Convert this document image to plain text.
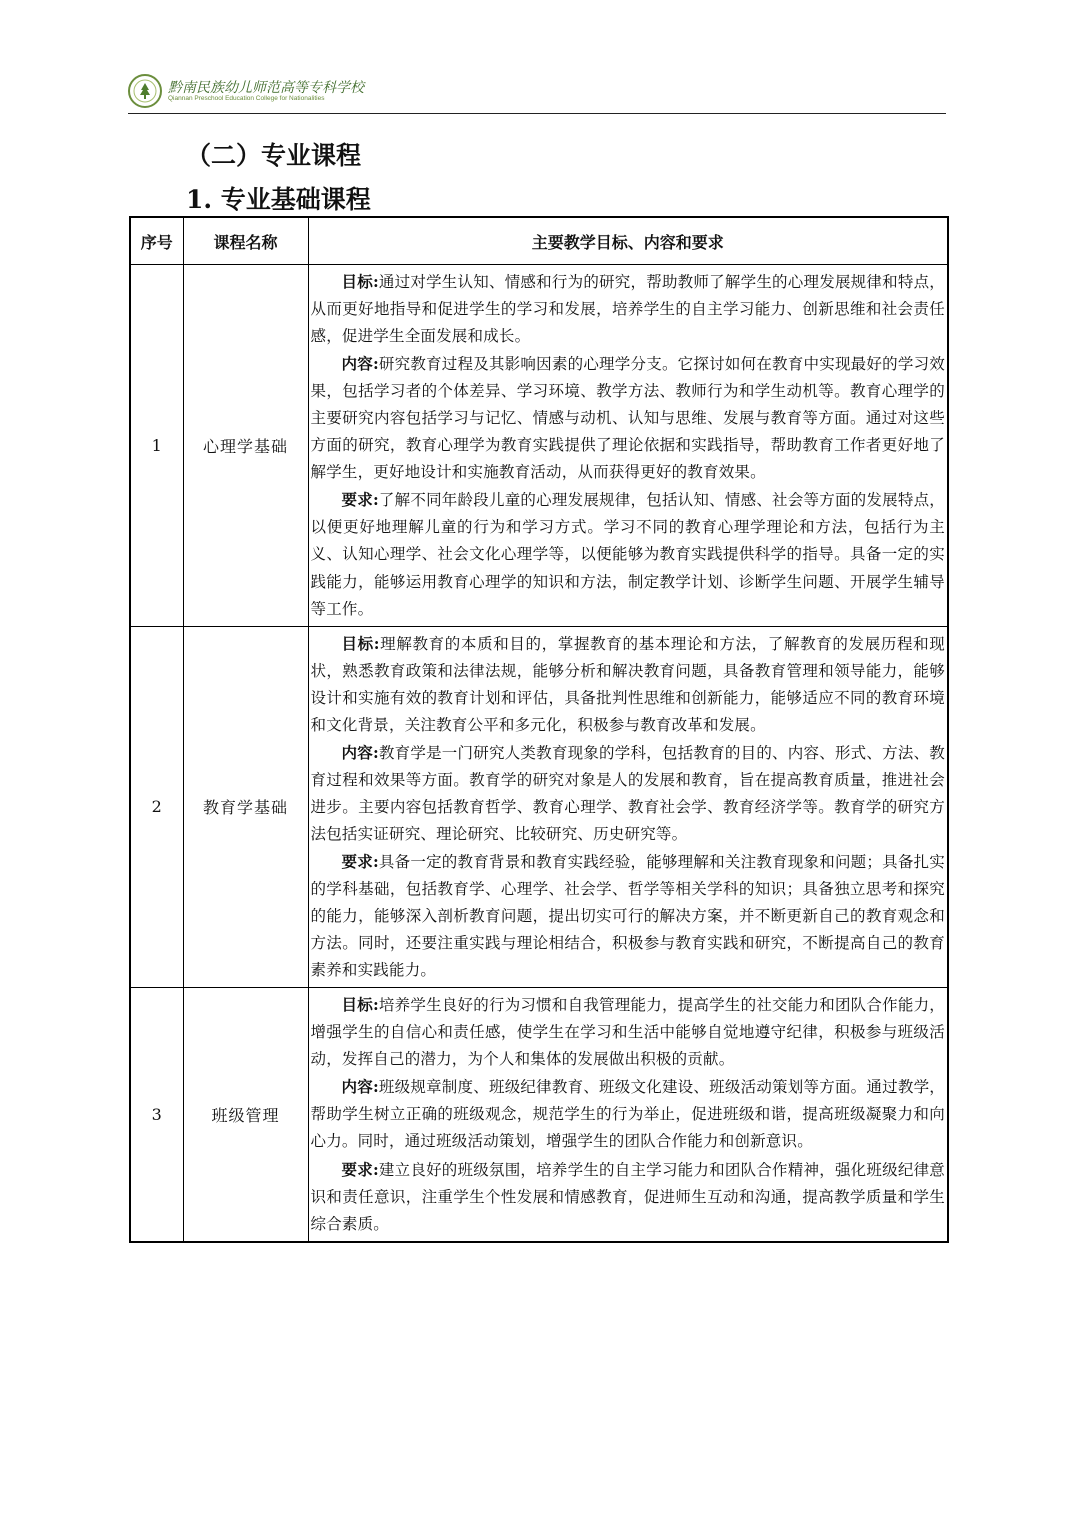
黔南民族幼儿师范高等专科学校
Qiannan Preschool Education College for Nationalities
（二）专业课程
1. 专业基础课程
序号	课程名称	主要教学目标、内容和要求
1	心理学基础	目标:通过对学生认知、情感和行为的研究，帮助教师了解学生的心理发展规律和特点，从而更好地指导和促进学生的学习和发展，培养学生的自主学习能力、创新思维和社会责任感，促进学生全面发展和成长。

内容:研究教育过程及其影响因素的心理学分支。它探讨如何在教育中实现最好的学习效果，包括学习者的个体差异、学习环境、教学方法、教师行为和学生动机等。教育心理学的主要研究内容包括学习与记忆、情感与动机、认知与思维、发展与教育等方面。通过对这些方面的研究，教育心理学为教育实践提供了理论依据和实践指导，帮助教育工作者更好地了解学生，更好地设计和实施教育活动，从而获得更好的教育效果。

要求:了解不同年龄段儿童的心理发展规律，包括认知、情感、社会等方面的发展特点，以便更好地理解儿童的行为和学习方式。学习不同的教育心理学理论和方法，包括行为主义、认知心理学、社会文化心理学等，以便能够为教育实践提供科学的指导。具备一定的实践能力，能够运用教育心理学的知识和方法，制定教学计划、诊断学生问题、开展学生辅导等工作。

2	教育学基础	目标:理解教育的本质和目的，掌握教育的基本理论和方法，了解教育的发展历程和现状，熟悉教育政策和法律法规，能够分析和解决教育问题，具备教育管理和领导能力，能够设计和实施有效的教育计划和评估，具备批判性思维和创新能力，能够适应不同的教育环境和文化背景，关注教育公平和多元化，积极参与教育改革和发展。

内容:教育学是一门研究人类教育现象的学科，包括教育的目的、内容、形式、方法、教育过程和效果等方面。教育学的研究对象是人的发展和教育，旨在提高教育质量，推进社会进步。主要内容包括教育哲学、教育心理学、教育社会学、教育经济学等。教育学的研究方法包括实证研究、理论研究、比较研究、历史研究等。

要求:具备一定的教育背景和教育实践经验，能够理解和关注教育现象和问题；具备扎实的学科基础，包括教育学、心理学、社会学、哲学等相关学科的知识；具备独立思考和探究的能力，能够深入剖析教育问题，提出切实可行的解决方案，并不断更新自己的教育观念和方法。同时，还要注重实践与理论相结合，积极参与教育实践和研究，不断提高自己的教育素养和实践能力。

3	班级管理	目标:培养学生良好的行为习惯和自我管理能力，提高学生的社交能力和团队合作能力，增强学生的自信心和责任感，使学生在学习和生活中能够自觉地遵守纪律，积极参与班级活动，发挥自己的潜力，为个人和集体的发展做出积极的贡献。

内容:班级规章制度、班级纪律教育、班级文化建设、班级活动策划等方面。通过教学，帮助学生树立正确的班级观念，规范学生的行为举止，促进班级和谐，提高班级凝聚力和向心力。同时，通过班级活动策划，增强学生的团队合作能力和创新意识。

要求:建立良好的班级氛围，培养学生的自主学习能力和团队合作精神，强化班级纪律意识和责任意识，注重学生个性发展和情感教育，促进师生互动和沟通，提高教学质量和学生综合素质。
